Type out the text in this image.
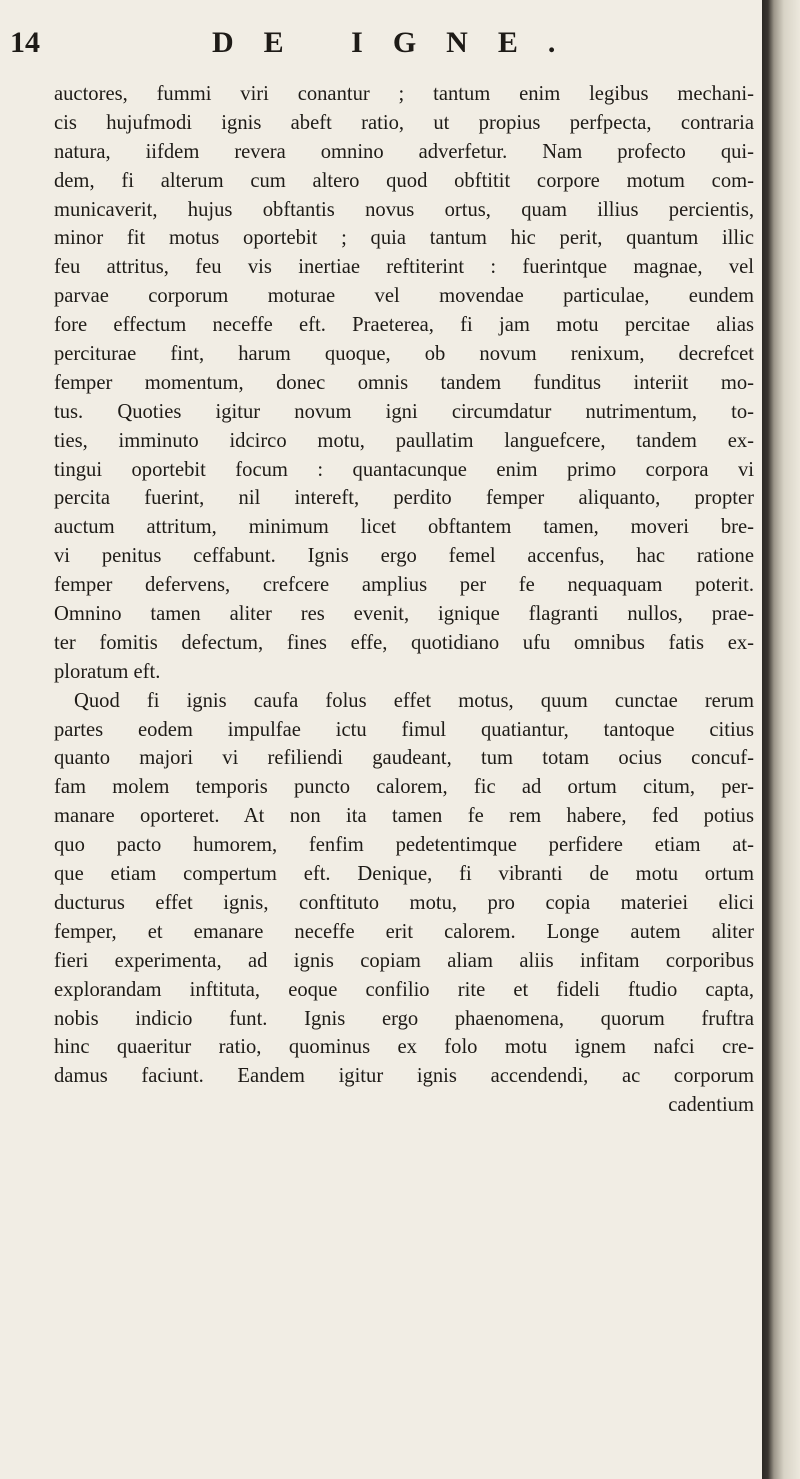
14	DE IGNE.
auctores, fummi viri conantur ; tantum enim legibus mechani-
cis hujufmodi ignis abeft ratio, ut propius perfpecta, contraria
natura, iifdem revera omnino adverfetur. Nam profecto qui-
dem, fi alterum cum altero quod obftitit corpore motum com-
municaverit, hujus obftantis novus ortus, quam illius percientis,
minor fit motus oportebit ; quia tantum hic perit, quantum illic
feu attritus, feu vis inertiae reftiterint : fuerintque magnae, vel
parvae corporum moturae vel movendae particulae, eundem
fore effectum neceffe eft. Praeterea, fi jam motu percitae alias
perciturae fint, harum quoque, ob novum renixum, decrefcet
femper momentum, donec omnis tandem funditus interiit mo-
tus. Quoties igitur novum igni circumdatur nutrimentum, to-
ties, imminuto idcirco motu, paullatim languefcere, tandem ex-
tingui oportebit focum : quantacunque enim primo corpora vi
percita fuerint, nil intereft, perdito femper aliquanto, propter
auctum attritum, minimum licet obftantem tamen, moveri bre-
vi penitus ceffabunt. Ignis ergo femel accenfus, hac ratione
femper defervens, crefcere amplius per fe nequaquam poterit.
Omnino tamen aliter res evenit, ignique flagranti nullos, prae-
ter fomitis defectum, fines effe, quotidiano ufu omnibus fatis ex-
ploratum eft.
Quod fi ignis caufa folus effet motus, quum cunctae rerum
partes eodem impulfae ictu fimul quatiantur, tantoque citius
quanto majori vi refiliendi gaudeant, tum totam ocius concuf-
fam molem temporis puncto calorem, fic ad ortum citum, per-
manare oporteret. At non ita tamen fe rem habere, fed potius
quo pacto humorem, fenfim pedetentimque perfidere etiam at-
que etiam compertum eft. Denique, fi vibranti de motu ortum
ducturus effet ignis, conftituto motu, pro copia materiei elici
femper, et emanare neceffe erit calorem. Longe autem aliter
fieri experimenta, ad ignis copiam aliam aliis infitam corporibus
explorandam inftituta, eoque confilio rite et fideli ftudio capta,
nobis indicio funt. Ignis ergo phaenomena, quorum fruftra
hinc quaeritur ratio, quominus ex folo motu ignem nafci cre-
damus faciunt. Eandem igitur ignis accendendi, ac corporum
cadentium
